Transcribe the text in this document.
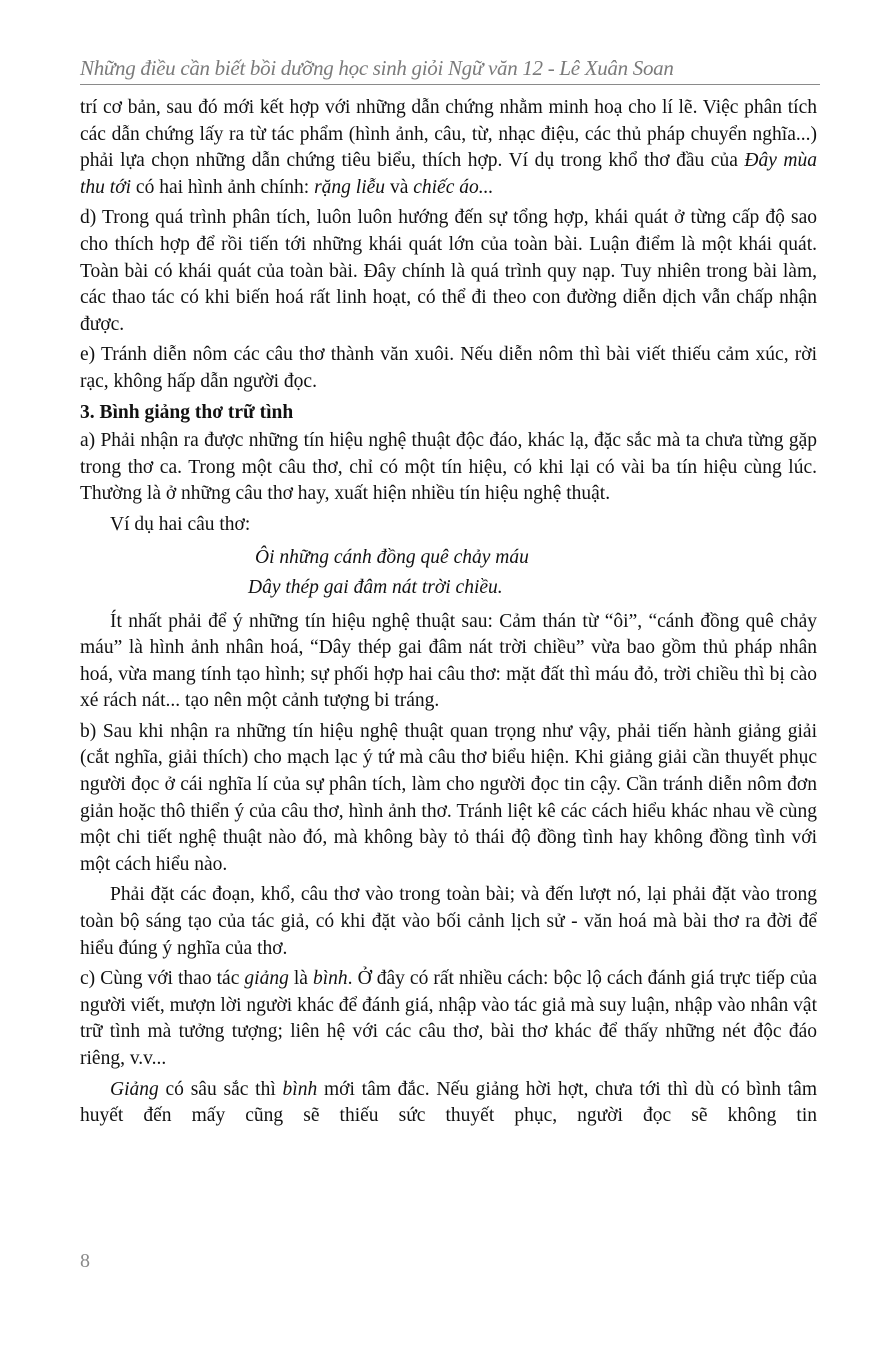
Những điều cần biết bồi dưỡng học sinh giỏi Ngữ văn 12 - Lê Xuân Soan

trí cơ bản, sau đó mới kết hợp với những dẫn chứng nhằm minh hoạ cho lí lẽ. Việc phân tích các dẫn chứng lấy ra từ tác phẩm (hình ảnh, câu, từ, nhạc điệu, các thủ pháp chuyển nghĩa...) phải lựa chọn những dẫn chứng tiêu biểu, thích hợp. Ví dụ trong khổ thơ đầu của Đây mùa thu tới có hai hình ảnh chính: rặng liễu và chiếc áo...

d) Trong quá trình phân tích, luôn luôn hướng đến sự tổng hợp, khái quát ở từng cấp độ sao cho thích hợp để rồi tiến tới những khái quát lớn của toàn bài. Luận điểm là một khái quát. Toàn bài có khái quát của toàn bài. Đây chính là quá trình quy nạp. Tuy nhiên trong bài làm, các thao tác có khi biến hoá rất linh hoạt, có thể đi theo con đường diễn dịch vẫn chấp nhận được.

e) Tránh diễn nôm các câu thơ thành văn xuôi. Nếu diễn nôm thì bài viết thiếu cảm xúc, rời rạc, không hấp dẫn người đọc.

3. Bình giảng thơ trữ tình

a) Phải nhận ra được những tín hiệu nghệ thuật độc đáo, khác lạ, đặc sắc mà ta chưa từng gặp trong thơ ca. Trong một câu thơ, chỉ có một tín hiệu, có khi lại có vài ba tín hiệu cùng lúc. Thường là ở những câu thơ hay, xuất hiện nhiều tín hiệu nghệ thuật.

Ví dụ hai câu thơ:

Ôi những cánh đồng quê chảy máu

Dây thép gai đâm nát trời chiều.

Ít nhất phải để ý những tín hiệu nghệ thuật sau: Cảm thán từ “ôi”, “cánh đồng quê chảy máu” là hình ảnh nhân hoá, “Dây thép gai đâm nát trời chiều” vừa bao gồm thủ pháp nhân hoá, vừa mang tính tạo hình; sự phối hợp hai câu thơ: mặt đất thì máu đỏ, trời chiều thì bị cào xé rách nát... tạo nên một cảnh tượng bi tráng.

b) Sau khi nhận ra những tín hiệu nghệ thuật quan trọng như vậy, phải tiến hành giảng giải (cắt nghĩa, giải thích) cho mạch lạc ý tứ mà câu thơ biểu hiện. Khi giảng giải cần thuyết phục người đọc ở cái nghĩa lí của sự phân tích, làm cho người đọc tin cậy. Cần tránh diễn nôm đơn giản hoặc thô thiển ý của câu thơ, hình ảnh thơ. Tránh liệt kê các cách hiểu khác nhau về cùng một chi tiết nghệ thuật nào đó, mà không bày tỏ thái độ đồng tình hay không đồng tình với một cách hiểu nào.

Phải đặt các đoạn, khổ, câu thơ vào trong toàn bài; và đến lượt nó, lại phải đặt vào trong toàn bộ sáng tạo của tác giả, có khi đặt vào bối cảnh lịch sử - văn hoá mà bài thơ ra đời để hiểu đúng ý nghĩa của thơ.

c) Cùng với thao tác giảng là bình. Ở đây có rất nhiều cách: bộc lộ cách đánh giá trực tiếp của người viết, mượn lời người khác để đánh giá, nhập vào tác giả mà suy luận, nhập vào nhân vật trữ tình mà tưởng tượng; liên hệ với các câu thơ, bài thơ khác để thấy những nét độc đáo riêng, v.v...

Giảng có sâu sắc thì bình mới tâm đắc. Nếu giảng hời hợt, chưa tới thì dù có bình tâm huyết đến mấy cũng sẽ thiếu sức thuyết phục, người đọc sẽ không tin

8
